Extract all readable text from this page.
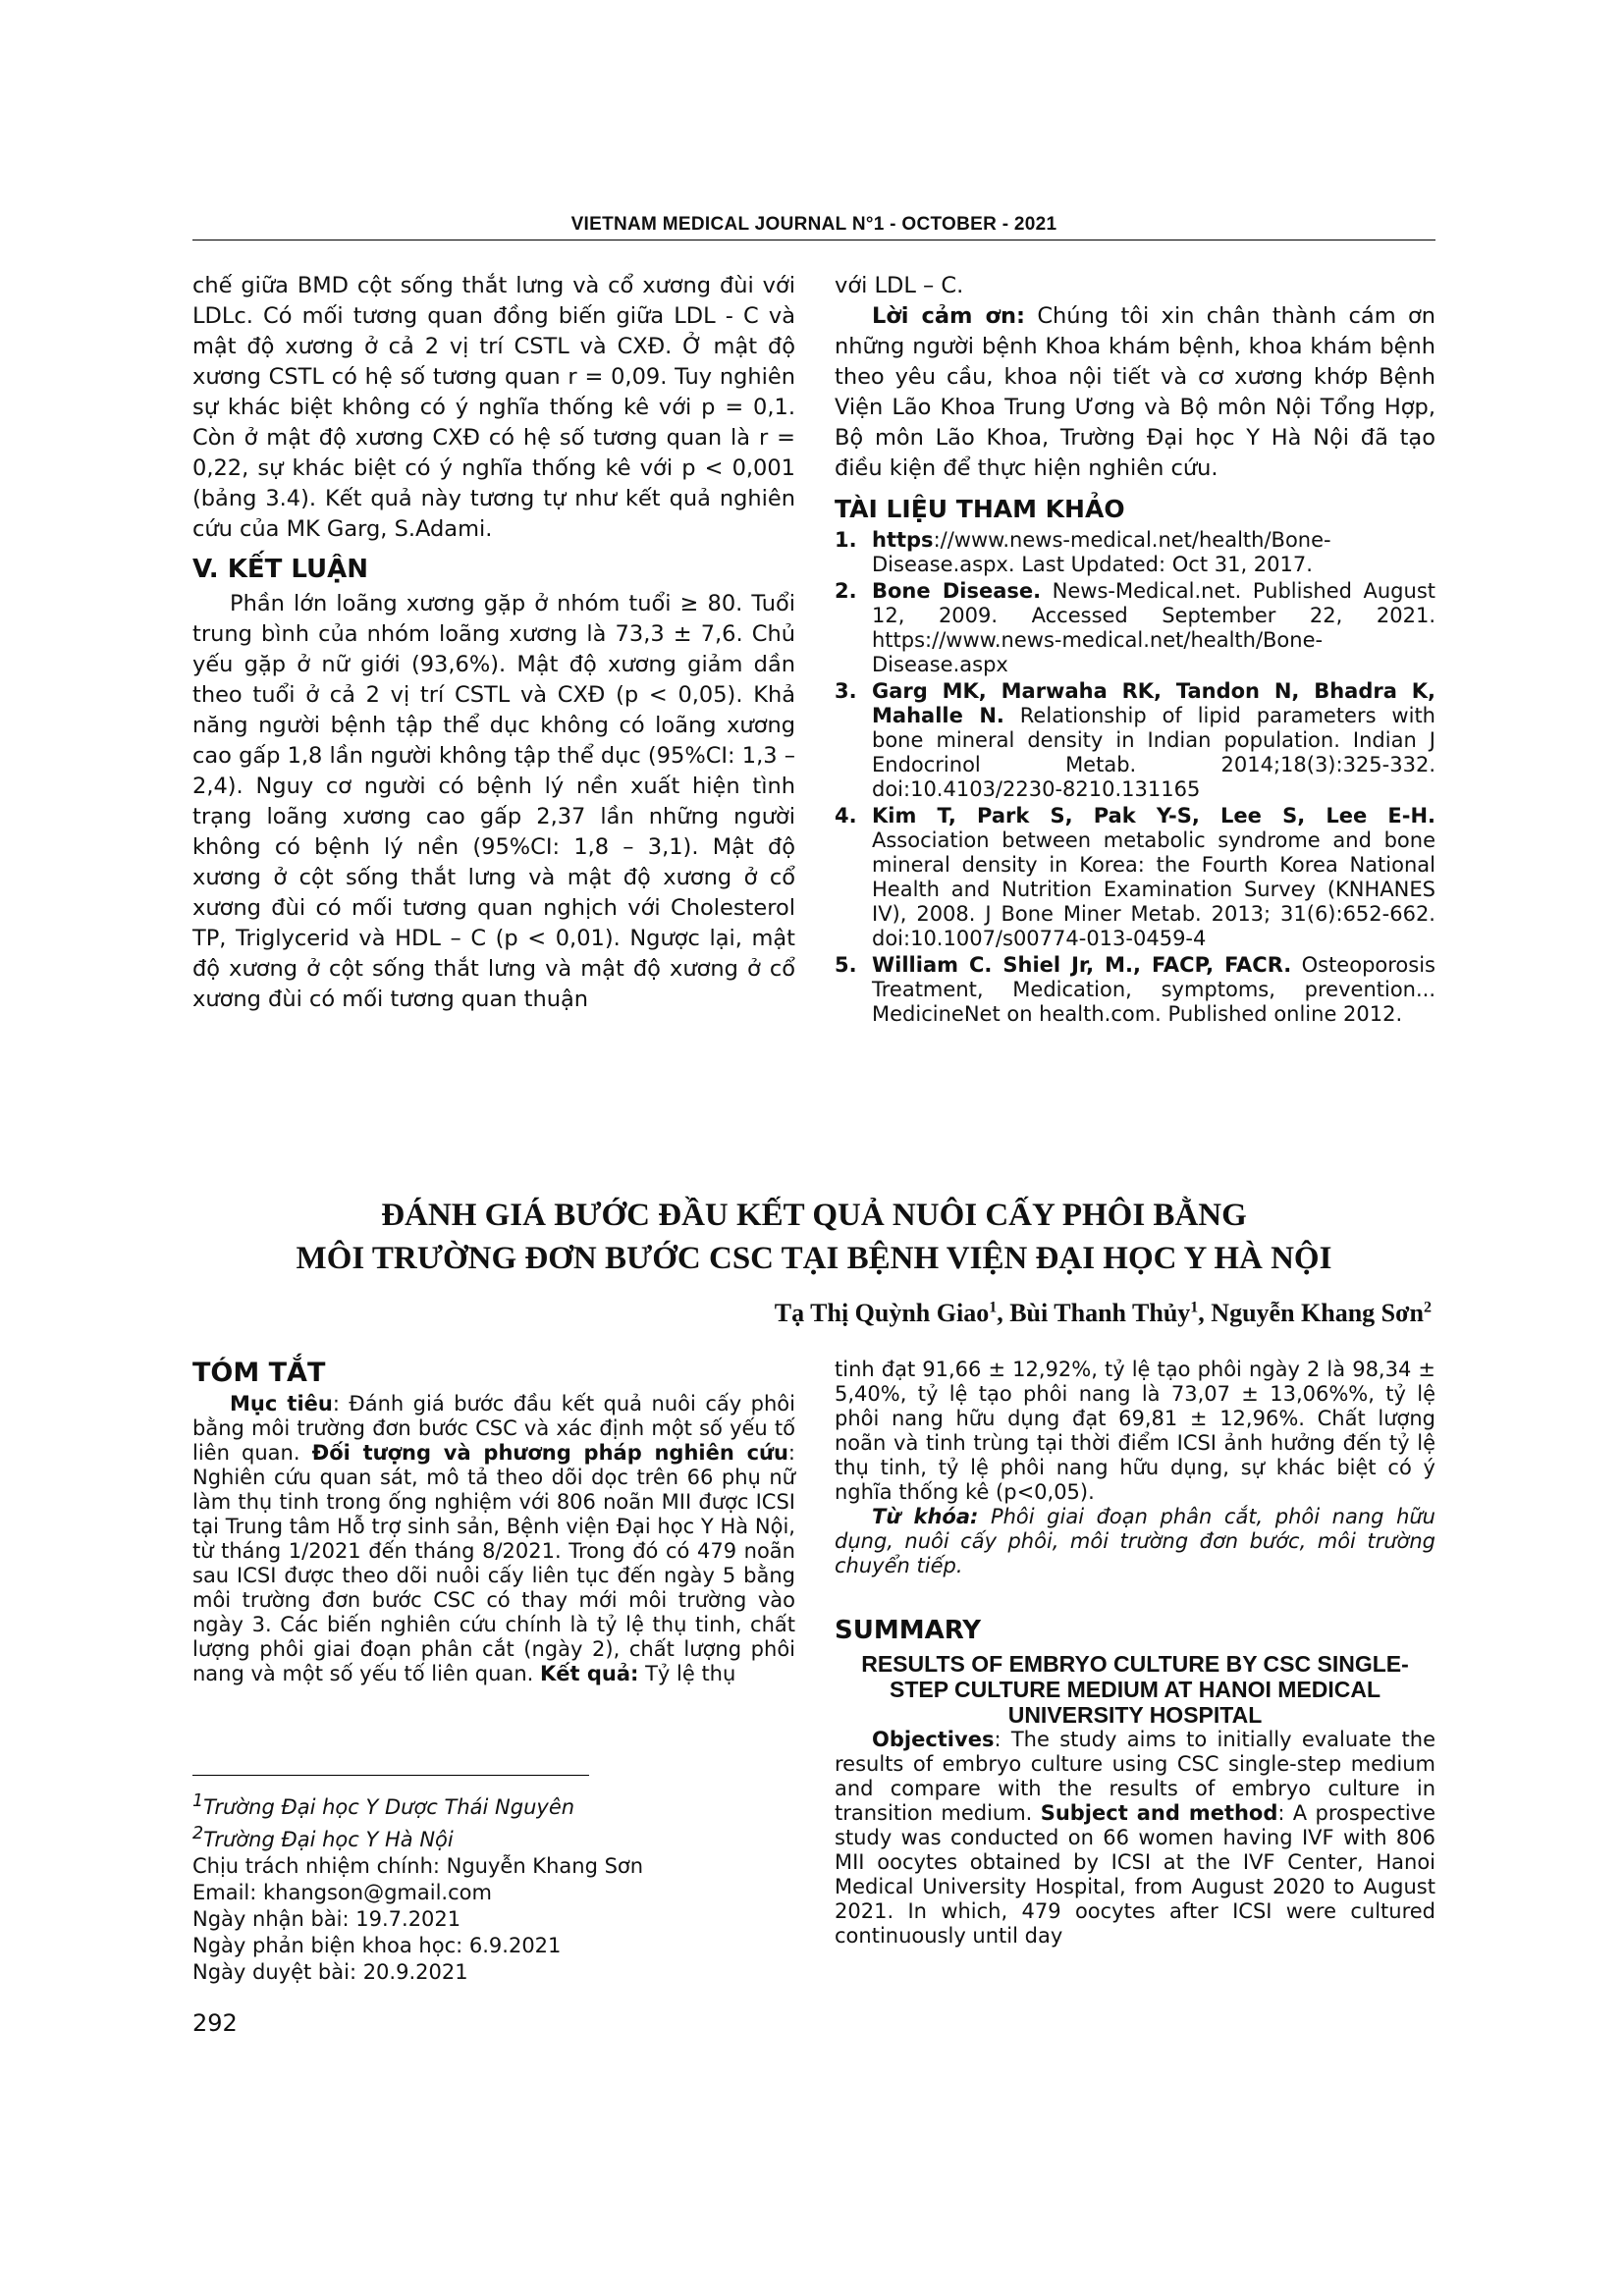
VIETNAM MEDICAL JOURNAL N°1 - OCTOBER - 2021

chế giữa BMD cột sống thắt lưng và cổ xương đùi với LDLc. Có mối tương quan đồng biến giữa LDL - C và mật độ xương ở cả 2 vị trí CSTL và CXĐ. Ở mật độ xương CSTL có hệ số tương quan r = 0,09. Tuy nghiên sự khác biệt không có ý nghĩa thống kê với p = 0,1. Còn ở mật độ xương CXĐ có hệ số tương quan là r = 0,22, sự khác biệt có ý nghĩa thống kê với p < 0,001 (bảng 3.4). Kết quả này tương tự như kết quả nghiên cứu của MK Garg, S.Adami.

V. KẾT LUẬN

Phần lớn loãng xương gặp ở nhóm tuổi ≥ 80. Tuổi trung bình của nhóm loãng xương là 73,3 ± 7,6. Chủ yếu gặp ở nữ giới (93,6%). Mật độ xương giảm dần theo tuổi ở cả 2 vị trí CSTL và CXĐ (p < 0,05). Khả năng người bệnh tập thể dục không có loãng xương cao gấp 1,8 lần người không tập thể dục (95%CI: 1,3 – 2,4). Nguy cơ người có bệnh lý nền xuất hiện tình trạng loãng xương cao gấp 2,37 lần những người không có bệnh lý nền (95%CI: 1,8 – 3,1). Mật độ xương ở cột sống thắt lưng và mật độ xương ở cổ xương đùi có mối tương quan nghịch với Cholesterol TP, Triglycerid và HDL – C (p < 0,01). Ngược lại, mật độ xương ở cột sống thắt lưng và mật độ xương ở cổ xương đùi có mối tương quan thuận

với LDL – C.

Lời cảm ơn: Chúng tôi xin chân thành cám ơn những người bệnh Khoa khám bệnh, khoa khám bệnh theo yêu cầu, khoa nội tiết và cơ xương khớp Bệnh Viện Lão Khoa Trung Ương và Bộ môn Nội Tổng Hợp, Bộ môn Lão Khoa, Trường Đại học Y Hà Nội đã tạo điều kiện để thực hiện nghiên cứu.

TÀI LIỆU THAM KHẢO
1. https://www.news-medical.net/health/Bone-Disease.aspx. Last Updated: Oct 31, 2017.
2. Bone Disease. News-Medical.net. Published August 12, 2009. Accessed September 22, 2021. https://www.news-medical.net/health/Bone-Disease.aspx
3. Garg MK, Marwaha RK, Tandon N, Bhadra K, Mahalle N. Relationship of lipid parameters with bone mineral density in Indian population. Indian J Endocrinol Metab. 2014;18(3):325-332. doi:10.4103/2230-8210.131165
4. Kim T, Park S, Pak Y-S, Lee S, Lee E-H. Association between metabolic syndrome and bone mineral density in Korea: the Fourth Korea National Health and Nutrition Examination Survey (KNHANES IV), 2008. J Bone Miner Metab. 2013; 31(6):652-662. doi:10.1007/s00774-013-0459-4
5. William C. Shiel Jr, M., FACP, FACR. Osteoporosis Treatment, Medication, symptoms, prevention... MedicineNet on health.com. Published online 2012.
ĐÁNH GIÁ BƯỚC ĐẦU KẾT QUẢ NUÔI CẤY PHÔI BẰNG
MÔI TRƯỜNG ĐƠN BƯỚC CSC TẠI BỆNH VIỆN ĐẠI HỌC Y HÀ NỘI
Tạ Thị Quỳnh Giao$^1$, Bùi Thanh Thủy$^1$, Nguyễn Khang Sơn$^2$
TÓM TẮT

Mục tiêu: Đánh giá bước đầu kết quả nuôi cấy phôi bằng môi trường đơn bước CSC và xác định một số yếu tố liên quan. Đối tượng và phương pháp nghiên cứu: Nghiên cứu quan sát, mô tả theo dõi dọc trên 66 phụ nữ làm thụ tinh trong ống nghiệm với 806 noãn MII được ICSI tại Trung tâm Hỗ trợ sinh sản, Bệnh viện Đại học Y Hà Nội, từ tháng 1/2021 đến tháng 8/2021. Trong đó có 479 noãn sau ICSI được theo dõi nuôi cấy liên tục đến ngày 5 bằng môi trường đơn bước CSC có thay mới môi trường vào ngày 3. Các biến nghiên cứu chính là tỷ lệ thụ tinh, chất lượng phôi giai đoạn phân cắt (ngày 2), chất lượng phôi nang và một số yếu tố liên quan. Kết quả: Tỷ lệ thụ

tinh đạt 91,66 ± 12,92%, tỷ lệ tạo phôi ngày 2 là 98,34 ± 5,40%, tỷ lệ tạo phôi nang là 73,07 ± 13,06%%, tỷ lệ phôi nang hữu dụng đạt 69,81 ± 12,96%. Chất lượng noãn và tinh trùng tại thời điểm ICSI ảnh hưởng đến tỷ lệ thụ tinh, tỷ lệ phôi nang hữu dụng, sự khác biệt có ý nghĩa thống kê (p<0,05).

Từ khóa: Phôi giai đoạn phân cắt, phôi nang hữu dụng, nuôi cấy phôi, môi trường đơn bước, môi trường chuyển tiếp.

SUMMARY
RESULTS OF EMBRYO CULTURE BY CSC SINGLE-STEP CULTURE MEDIUM AT HANOI MEDICAL UNIVERSITY HOSPITAL

Objectives: The study aims to initially evaluate the results of embryo culture using CSC single-step medium and compare with the results of embryo culture in transition medium. Subject and method: A prospective study was conducted on 66 women having IVF with 806 MII oocytes obtained by ICSI at the IVF Center, Hanoi Medical University Hospital, from August 2020 to August 2021. In which, 479 oocytes after ICSI were cultured continuously until day

$^1$Trường Đại học Y Dược Thái Nguyên

$^2$Trường Đại học Y Hà Nội

Chịu trách nhiệm chính: Nguyễn Khang Sơn

Email: khangson@gmail.com

Ngày nhận bài: 19.7.2021

Ngày phản biện khoa học: 6.9.2021

Ngày duyệt bài: 20.9.2021

292
